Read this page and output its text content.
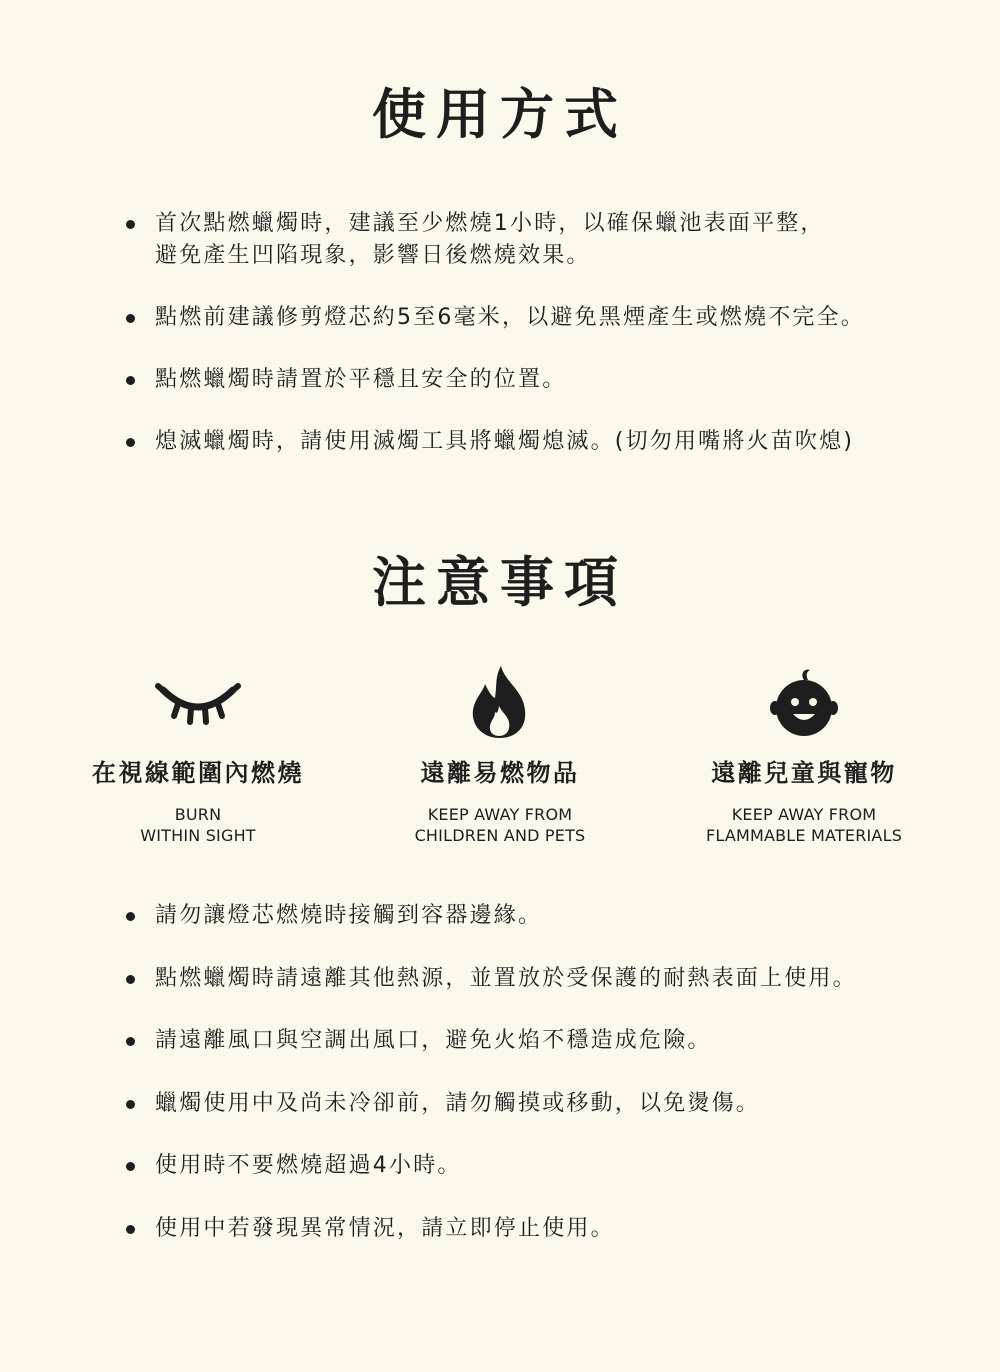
使用方式
首次點燃蠟燭時，建議至少燃燒1小時，以確保蠟池表面平整，
避免產生凹陷現象，影響日後燃燒效果。
點燃前建議修剪燈芯約5至6毫米，以避免黑煙產生或燃燒不完全。
點燃蠟燭時請置於平穩且安全的位置。
熄滅蠟燭時，請使用滅燭工具將蠟燭熄滅。(切勿用嘴將火苗吹熄)
注意事項
在視線範圍內燃燒
BURN
WITHIN SIGHT
遠離易燃物品
KEEP AWAY FROM
CHILDREN AND PETS
遠離兒童與寵物
KEEP AWAY FROM
FLAMMABLE MATERIALS
請勿讓燈芯燃燒時接觸到容器邊緣。
點燃蠟燭時請遠離其他熱源，並置放於受保護的耐熱表面上使用。
請遠離風口與空調出風口，避免火焰不穩造成危險。
蠟燭使用中及尚未冷卻前，請勿觸摸或移動，以免燙傷。
使用時不要燃燒超過4小時。
使用中若發現異常情況，請立即停止使用。
